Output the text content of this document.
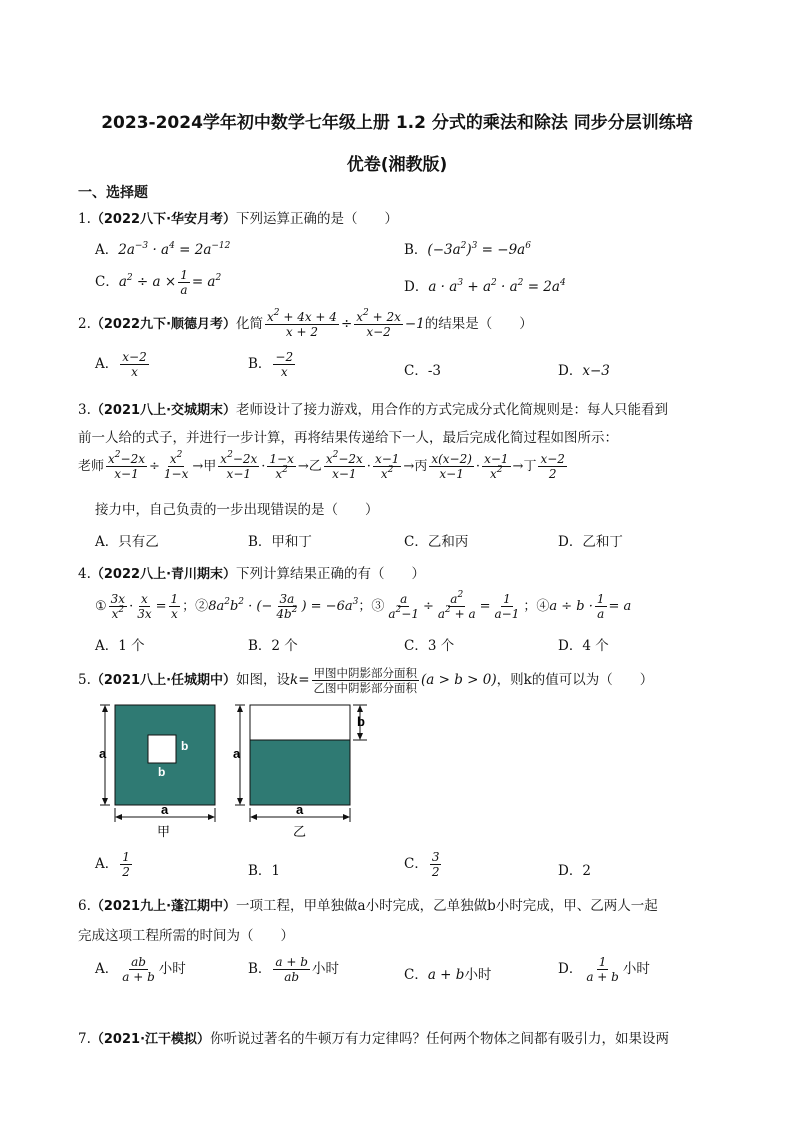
2023-2024学年初中数学七年级上册 1.2 分式的乘法和除法 同步分层训练培
优卷(湘教版)
一、选择题
1.（2022八下·华安月考）下列运算正确的是（　　）
A．$2a^{-3} \cdot a^4 = 2a^{-12}$	B．$(-3a^2)^3 = -9a^6$
C．$a^2 \div a \times \frac{1}{a} = a^2$
D．$a \cdot a^3 + a^2 \cdot a^2 = 2a^4$
2.（2022九下·顺德月考）化简 $\frac{x^2 + 4x + 4}{x + 2} \div \frac{x^2 + 2x}{x-2} -1$的结果是（　　）
A． $\frac{x-2}{x}$	B． $\frac{-2}{x}$	C．-3	D．x−3
3.（2021八上·交城期末）老师设计了接力游戏，用合作的方式完成分式化简规则是：每人只能看到
前一人给的式子，并进行一步计算，再将结果传递给下一人，最后完成化简过程如图所示：
老师 $\frac{x^2-2x}{x-1} \div \frac{x^2}{1-x}$ →甲 $\frac{x^2-2x}{x-1} \cdot \frac{1-x}{x^2}$ →乙 $\frac{x^2-2x}{x-1} \cdot \frac{x-1}{x^2}$ →丙 $\frac{x(x-2)}{x-1} \cdot \frac{x-1}{x^2}$ →丁 $\frac{x-2}{2}$
接力中，自己负责的一步出现错误的是（　　）
A．只有乙	B．甲和丁	C．乙和丙	D．乙和丁
4.（2022八上·青川期末）下列计算结果正确的有（　　）
① $\frac{3x}{x^2} \cdot \frac{x}{3x} = \frac{1}{x}$ ；$②8a^2b^2$ · (− $\frac{3a}{4b^2}$ ) = $-6a^3$；③ $\frac{a}{a^2-1} \div \frac{a^2}{a^2 + a} = \frac{1}{a-1}$ ；④a ÷ $b \cdot \frac{1}{a} = a$
A．1 个	B．2 个	C．3 个	D．4 个
5.（2021八上·任城期中）如图，设$k= \frac{\text{甲图中阴影部分面积}}{\text{乙图中阴影部分面积}} (a > b > 0)$，则k的值可以为（　　）
a	b
b
a
甲
a
b
a
乙
A． $\frac{1}{2}$	B．1	C． $\frac{3}{2}$	D．2
6.（2021九上·蓬江期中）一项工程，甲单独做a小时完成，乙单独做b小时完成，甲、乙两人一起
完成这项工程所需的时间为（　　）
A． $\frac{ab}{a + b}$ 小时	B． $\frac{a + b}{ab}$ 小时	C．a + b小时	D． $\frac{1}{a + b}$ 小时
7.（2021·江干模拟）你听说过著名的牛顿万有力定律吗？任何两个物体之间都有吸引力，如果设两
